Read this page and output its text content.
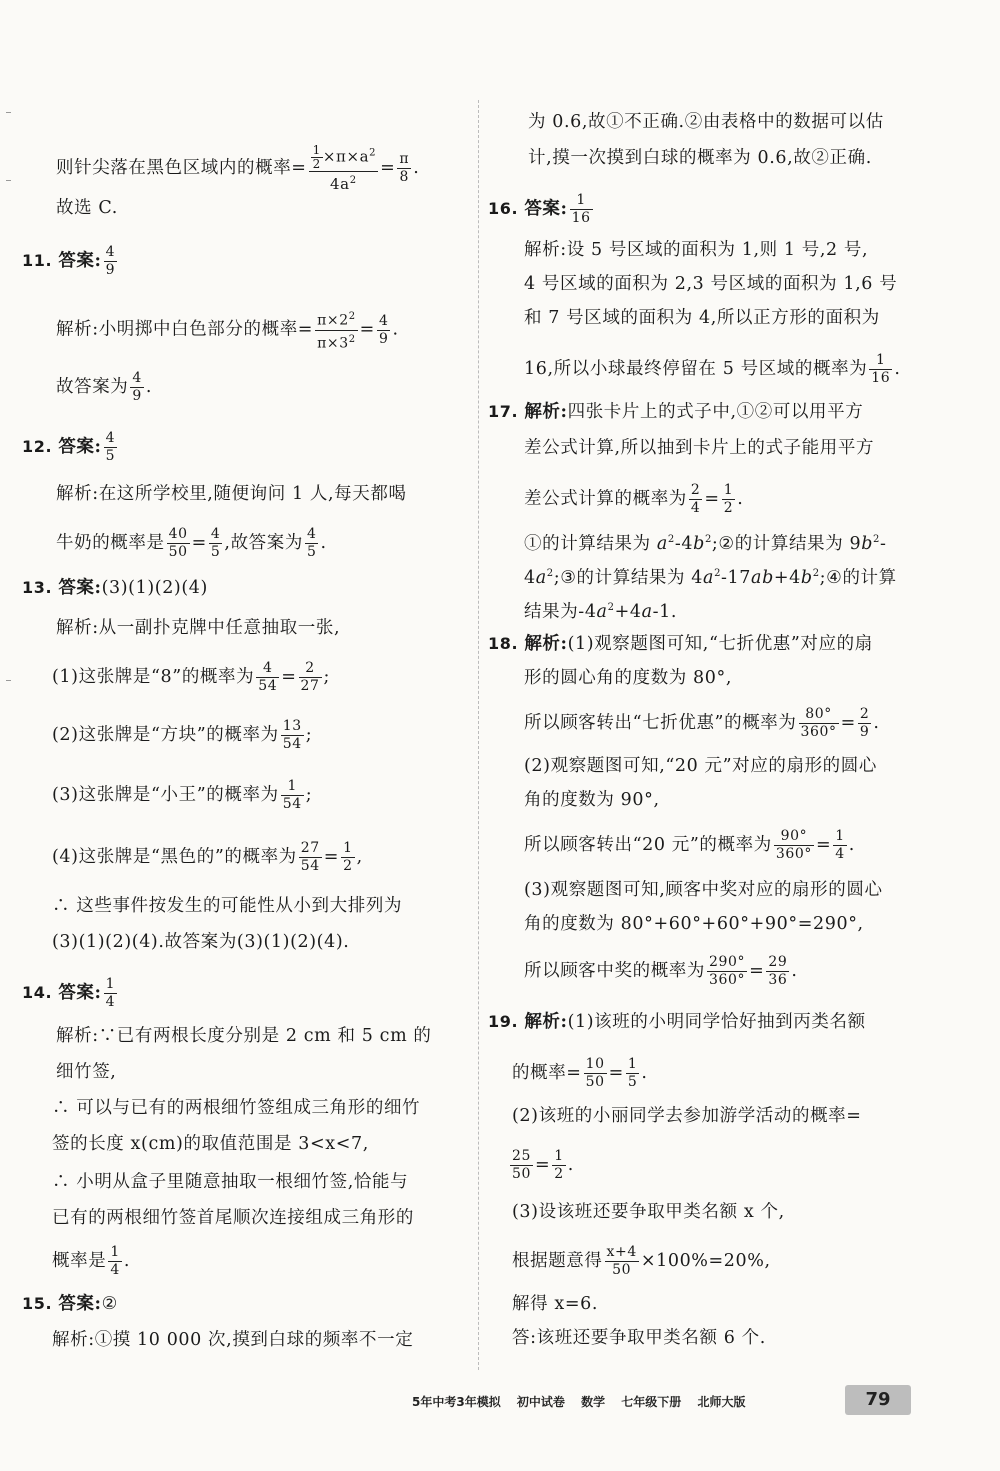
则针尖落在黑色区域内的概率= $\frac{\frac{1}{2} \times\pi\times a^2}{4a^2} = \frac{\pi}{8}$ .
故选 C.
11. 答案: $\frac{4}{9}$
解析:小明掷中白色部分的概率= $\frac{\pi\times 2^2}{\pi\times 3^2} = \frac{4}{9}$ .
故答案为 $\frac{4}{9}$ .
12. 答案: $\frac{4}{5}$
解析:在这所学校里,随便询问 1 人,每天都喝
牛奶的概率是 $\frac{40}{50} = \frac{4}{5}$ ,故答案为 $\frac{4}{5}$ .
13. 答案:(3)(1)(2)(4)
解析:从一副扑克牌中任意抽取一张,
(1)这张牌是“8”的概率为 $\frac{4}{54} = \frac{2}{27}$ ;
(2)这张牌是“方块”的概率为 $\frac{13}{54}$ ;
(3)这张牌是“小王”的概率为 $\frac{1}{54}$ ;
(4)这张牌是“黑色的”的概率为 $\frac{27}{54} = \frac{1}{2}$ ,
∴ 这些事件按发生的可能性从小到大排列为
(3)(1)(2)(4).故答案为(3)(1)(2)(4).
14. 答案: $\frac{1}{4}$
解析:∵已有两根长度分别是 2 cm 和 5 cm 的
细竹签,
∴ 可以与已有的两根细竹签组成三角形的细竹
签的长度 x(cm)的取值范围是 3<x<7,
∴ 小明从盒子里随意抽取一根细竹签,恰能与
已有的两根细竹签首尾顺次连接组成三角形的
概率是 $\frac{1}{4}$ .
15. 答案:②
解析:①摸 10 000 次,摸到白球的频率不一定
为 0.6,故①不正确.②由表格中的数据可以估
计,摸一次摸到白球的概率为 0.6,故②正确.
16. 答案: $\frac{1}{16}$
解析:设 5 号区域的面积为 1,则 1 号,2 号,
4 号区域的面积为 2,3 号区域的面积为 1,6 号
和 7 号区域的面积为 4,所以正方形的面积为
16,所以小球最终停留在 5 号区域的概率为 $\frac{1}{16}$ .
17. 解析:四张卡片上的式子中,①②可以用平方
差公式计算,所以抽到卡片上的式子能用平方
差公式计算的概率为 $\frac{2}{4} = \frac{1}{2}$ .
①的计算结果为 $a^2-4b^2;②$的计算结果为 $9b^2-$
$4a^2;③$的计算结果为 $4a^2-17ab+4b^2;④$的计算
结果为$-4a^2+4a-1$.
18. 解析:(1)观察题图可知,“七折优惠”对应的扇
形的圆心角的度数为 80°,
所以顾客转出“七折优惠”的概率为 $\frac{80^\circ}{360^\circ} = \frac{2}{9}$ .
(2)观察题图可知,“20 元”对应的扇形的圆心
角的度数为 90°,
所以顾客转出“20 元”的概率为 $\frac{90^\circ}{360^\circ} = \frac{1}{4}$ .
(3)观察题图可知,顾客中奖对应的扇形的圆心
角的度数为 80°+60°+60°+90°=290°,
所以顾客中奖的概率为 $\frac{290^\circ}{360^\circ} = \frac{29}{36}$ .
19. 解析:(1)该班的小明同学恰好抽到丙类名额
的概率= $\frac{10}{50} = \frac{1}{5}$ .
(2)该班的小丽同学去参加游学活动的概率=
$\frac{25}{50} = \frac{1}{2}$ .
(3)设该班还要争取甲类名额 x 个,
根据题意得 $\frac{x+4}{50} \times 100\%=20\%$,
解得 x=6.
答:该班还要争取甲类名额 6 个.
5年中考3年模拟 初中试卷 数学 七年级下册 北师大版	79
